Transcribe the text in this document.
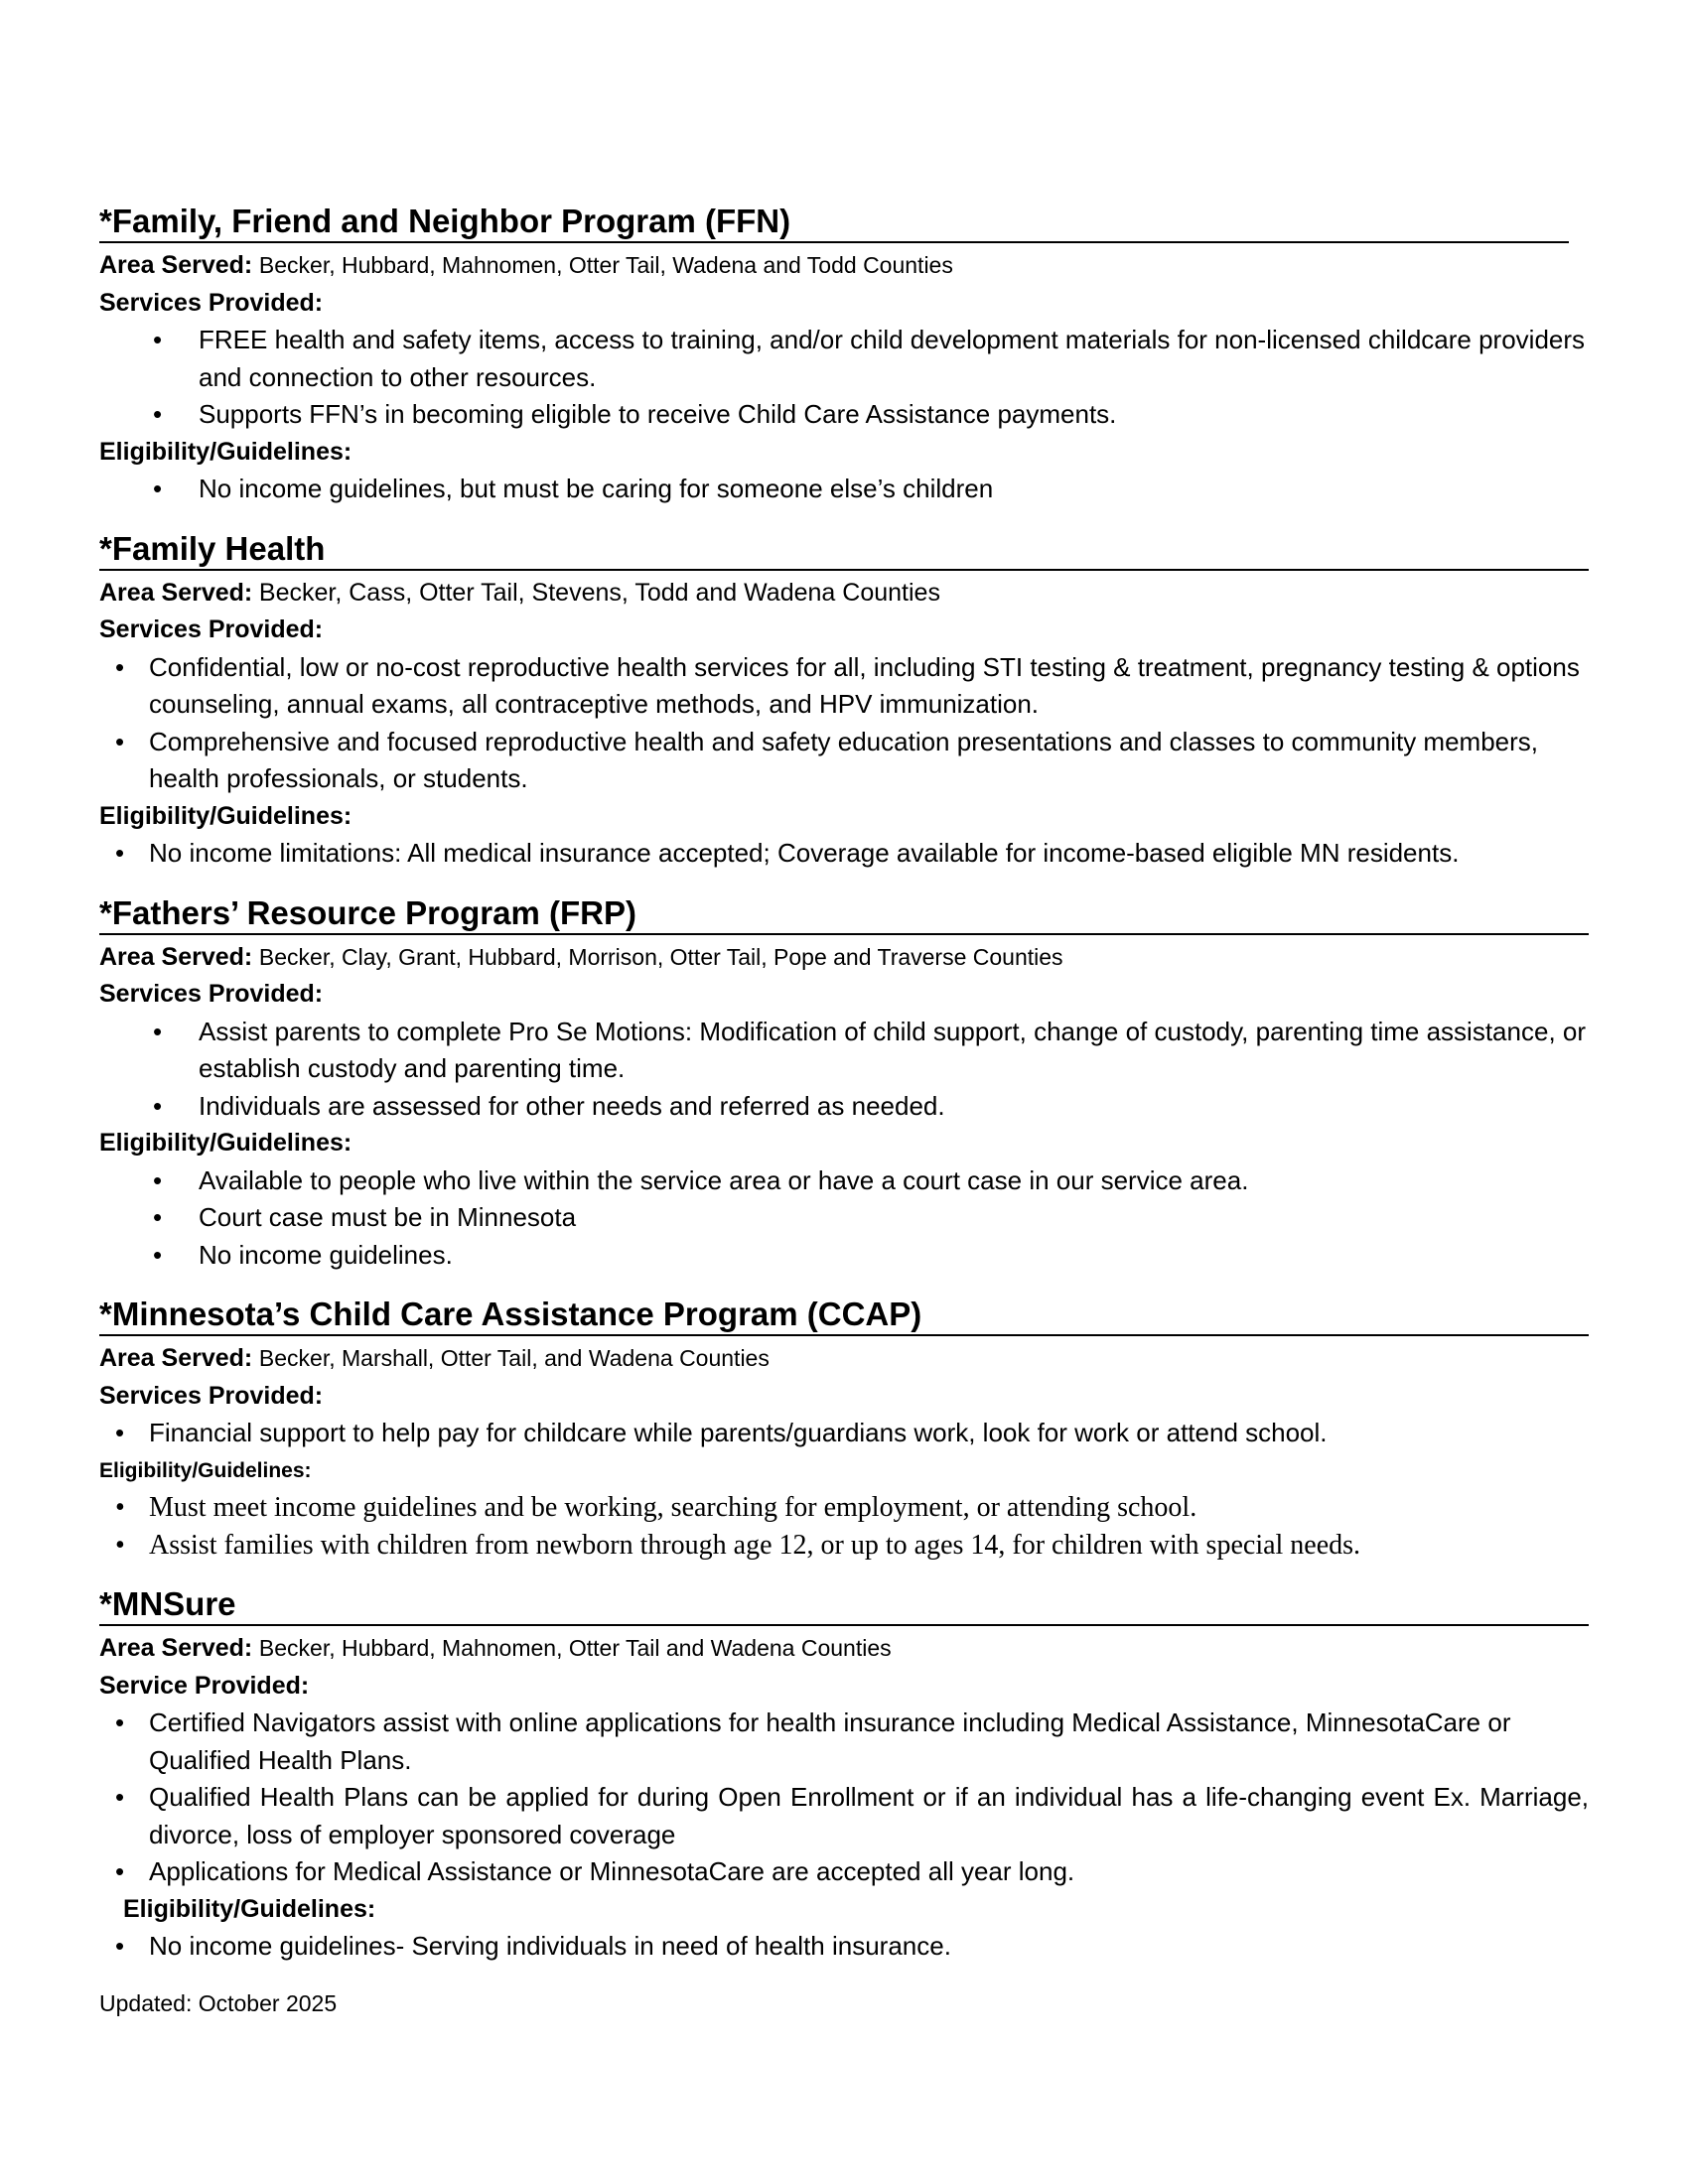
*Family, Friend and Neighbor Program (FFN)
Area Served: Becker, Hubbard, Mahnomen, Otter Tail, Wadena and Todd Counties
Services Provided:
• FREE health and safety items, access to training, and/or child development materials for non-licensed childcare providers and connection to other resources.
• Supports FFN’s in becoming eligible to receive Child Care Assistance payments.
Eligibility/Guidelines:
• No income guidelines, but must be caring for someone else’s children
*Family Health
Area Served: Becker, Cass, Otter Tail, Stevens, Todd and Wadena Counties
Services Provided:
• Confidential, low or no-cost reproductive health services for all, including STI testing & treatment, pregnancy testing & options counseling, annual exams, all contraceptive methods, and HPV immunization.
• Comprehensive and focused reproductive health and safety education presentations and classes to community members, health professionals, or students.
Eligibility/Guidelines:
• No income limitations: All medical insurance accepted; Coverage available for income-based eligible MN residents.
*Fathers’ Resource Program (FRP)
Area Served: Becker, Clay, Grant, Hubbard, Morrison, Otter Tail, Pope and Traverse Counties
Services Provided:
• Assist parents to complete Pro Se Motions: Modification of child support, change of custody, parenting time assistance, or establish custody and parenting time.
• Individuals are assessed for other needs and referred as needed.
Eligibility/Guidelines:
• Available to people who live within the service area or have a court case in our service area.
• Court case must be in Minnesota
• No income guidelines.
*Minnesota’s Child Care Assistance Program (CCAP)
Area Served: Becker, Marshall, Otter Tail, and Wadena Counties
Services Provided:
• Financial support to help pay for childcare while parents/guardians work, look for work or attend school.
Eligibility/Guidelines:
• Must meet income guidelines and be working, searching for employment, or attending school.
• Assist families with children from newborn through age 12, or up to ages 14, for children with special needs.
*MNSure
Area Served: Becker, Hubbard, Mahnomen, Otter Tail and Wadena Counties
Service Provided:
• Certified Navigators assist with online applications for health insurance including Medical Assistance, MinnesotaCare or Qualified Health Plans.
• Qualified Health Plans can be applied for during Open Enrollment or if an individual has a life-changing event Ex. Marriage, divorce, loss of employer sponsored coverage
• Applications for Medical Assistance or MinnesotaCare are accepted all year long.
Eligibility/Guidelines:
• No income guidelines- Serving individuals in need of health insurance.
Updated: October 2025
